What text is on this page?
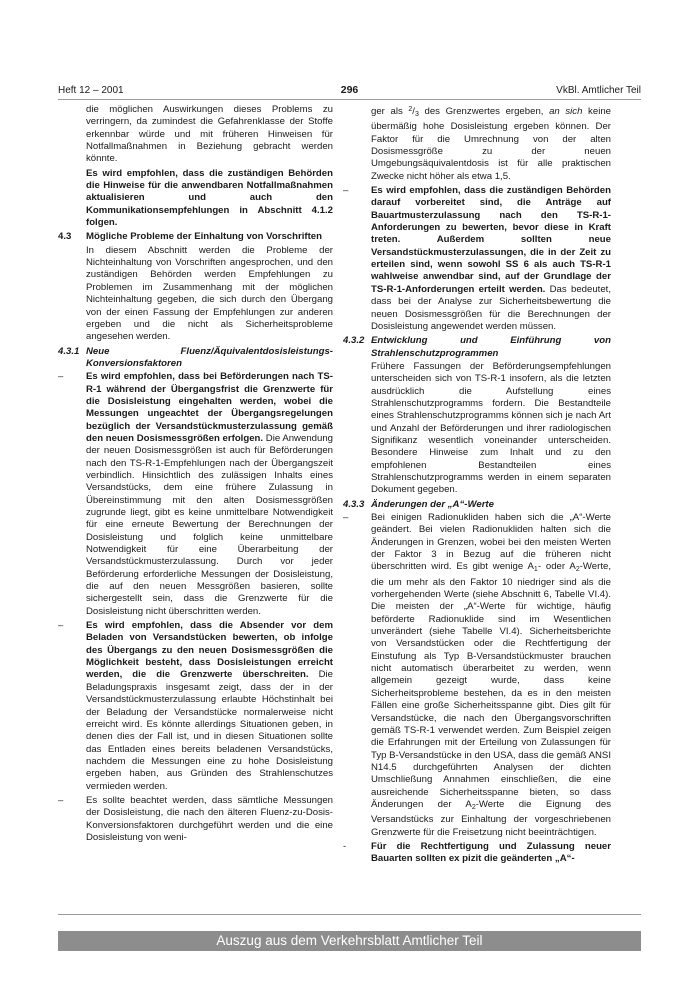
Heft 12 – 2001	296	VkBl. Amtlicher Teil

die möglichen Auswirkungen dieses Problems zu verringern, da zumindest die Gefahrenklasse der Stoffe erkennbar würde und mit früheren Hinweisen für Notfallmaßnahmen in Beziehung gebracht werden könnte.

Es wird empfohlen, dass die zuständigen Behörden die Hinweise für die anwendbaren Notfallmaßnahmen aktualisieren und auch den Kommunikationsempfehlungen in Abschnitt 4.1.2 folgen.

4.3 Mögliche Probleme der Einhaltung von Vorschriften

In diesem Abschnitt werden die Probleme der Nichteinhaltung von Vorschriften angesprochen, und den zuständigen Behörden werden Empfehlungen zu Problemen im Zusammenhang mit der möglichen Nichteinhaltung gegeben, die sich durch den Übergang von der einen Fassung der Empfehlungen zur anderen ergeben und die nicht als Sicherheitsprobleme angesehen werden.

4.3.1 Neue Fluenz/Äquivalentdosisleistungs-Konversionsfaktoren
– Es wird empfohlen, dass bei Beförderungen nach TS-R-1 während der Übergangsfrist die Grenzwerte für die Dosisleistung eingehalten werden, wobei die Messungen ungeachtet der Übergangsregelungen bezüglich der Versandstückmusterzulassung gemäß den neuen Dosismessgrößen erfolgen. Die Anwendung der neuen Dosismessgrößen ist auch für Beförderungen nach den TS-R-1-Empfehlungen nach der Übergangszeit verbindlich. Hinsichtlich des zulässigen Inhalts eines Versandstücks, dem eine frühere Zulassung in Übereinstimmung mit den alten Dosismessgrößen zugrunde liegt, gibt es keine unmittelbare Notwendigkeit für eine erneute Bewertung der Berechnungen der Dosisleistung und folglich keine unmittelbare Notwendigkeit für eine Überarbeitung der Versandstückmusterzulassung. Durch vor jeder Beförderung erforderliche Messungen der Dosisleistung, die auf den neuen Messgrößen basieren, sollte sichergestellt sein, dass die Grenzwerte für die Dosisleistung nicht überschritten werden.

– Es wird empfohlen, dass die Absender vor dem Beladen von Versandstücken bewerten, ob infolge des Übergangs zu den neuen Dosismessgrößen die Möglichkeit besteht, dass Dosisleistungen erreicht werden, die die Grenzwerte überschreiten. Die Beladungspraxis insgesamt zeigt, dass der in der Versandstückmusterzulassung erlaubte Höchstinhalt bei der Beladung der Versandstücke normalerweise nicht erreicht wird. Es könnte allerdings Situationen geben, in denen dies der Fall ist, und in diesen Situationen sollte das Entladen eines bereits beladenen Versandstücks, nachdem die Messungen eine zu hohe Dosisleistung ergeben haben, aus Gründen des Strahlenschutzes vermieden werden.

– Es sollte beachtet werden, dass sämtliche Messungen der Dosisleistung, die nach den älteren Fluenz-zu-Dosis-Konversionsfaktoren durchgeführt werden und die eine Dosisleistung von weni-

ger als $^2/_3$ des Grenzwertes ergeben, an sich keine übermäßig hohe Dosisleistung ergeben können. Der Faktor für die Umrechnung von der alten Dosismessgröße zu der neuen Umgebungsäquivalentdosis ist für alle praktischen Zwecke nicht höher als etwa 1,5.

– Es wird empfohlen, dass die zuständigen Behörden darauf vorbereitet sind, die Anträge auf Bauartmusterzulassung nach den TS-R-1-Anforderungen zu bewerten, bevor diese in Kraft treten. Außerdem sollten neue Versandstückmusterzulassungen, die in der Zeit zu erteilen sind, wenn sowohl SS 6 als auch TS-R-1 wahlweise anwendbar sind, auf der Grundlage der TS-R-1-Anforderungen erteilt werden. Das bedeutet, dass bei der Analyse zur Sicherheitsbewertung die neuen Dosismessgrößen für die Berechnungen der Dosisleistung angewendet werden müssen.

4.3.2 Entwicklung und Einführung von Strahlenschutzprogrammen

Frühere Fassungen der Beförderungsempfehlungen unterscheiden sich von TS-R-1 insofern, als die letzten ausdrücklich die Aufstellung eines Strahlenschutzprogramms fordern. Die Bestandteile eines Strahlenschutzprogramms können sich je nach Art und Anzahl der Beförderungen und ihrer radiologischen Signifikanz wesentlich voneinander unterscheiden. Besondere Hinweise zum Inhalt und zu den empfohlenen Bestandteilen eines Strahlenschutzprogramms werden in einem separaten Dokument gegeben.

4.3.3 Änderungen der „A“-Werte
– Bei einigen Radionukliden haben sich die „A“-Werte geändert. Bei vielen Radionukliden halten sich die Änderungen in Grenzen, wobei bei den meisten Werten der Faktor 3 in Bezug auf die früheren nicht überschritten wird. Es gibt wenige $A_1-$ oder $A_2$-Werte, die um mehr als den Faktor 10 niedriger sind als die vorhergehenden Werte (siehe Abschnitt 6, Tabelle VI.4). Die meisten der „A“-Werte für wichtige, häufig beförderte Radionuklide sind im Wesentlichen unverändert (siehe Tabelle VI.4). Sicherheitsberichte von Versandstücken oder die Rechtfertigung der Einstufung als Typ B-Versandstückmuster brauchen nicht automatisch überarbeitet zu werden, wenn allgemein gezeigt wurde, dass keine Sicherheitsprobleme bestehen, da es in den meisten Fällen eine große Sicherheitsspanne gibt. Dies gilt für Versandstücke, die nach den Übergangsvorschriften gemäß TS-R-1 verwendet werden. Zum Beispiel zeigen die Erfahrungen mit der Erteilung von Zulassungen für Typ B-Versandstücke in den USA, dass die gemäß ANSI N14.5 durchgeführten Analysen der dichten Umschließung Annahmen einschließen, die eine ausreichende Sicherheitsspanne bieten, so dass Änderungen der $A_2$-Werte die Eignung des Versandstücks zur Einhaltung der vorgeschriebenen Grenzwerte für die Freisetzung nicht beeinträchtigen.

-	Für die Rechtfertigung und Zulassung neuer Bauarten sollten ex pizit die geänderten „A“-

Auszug aus dem Verkehrsblatt Amtlicher Teil
